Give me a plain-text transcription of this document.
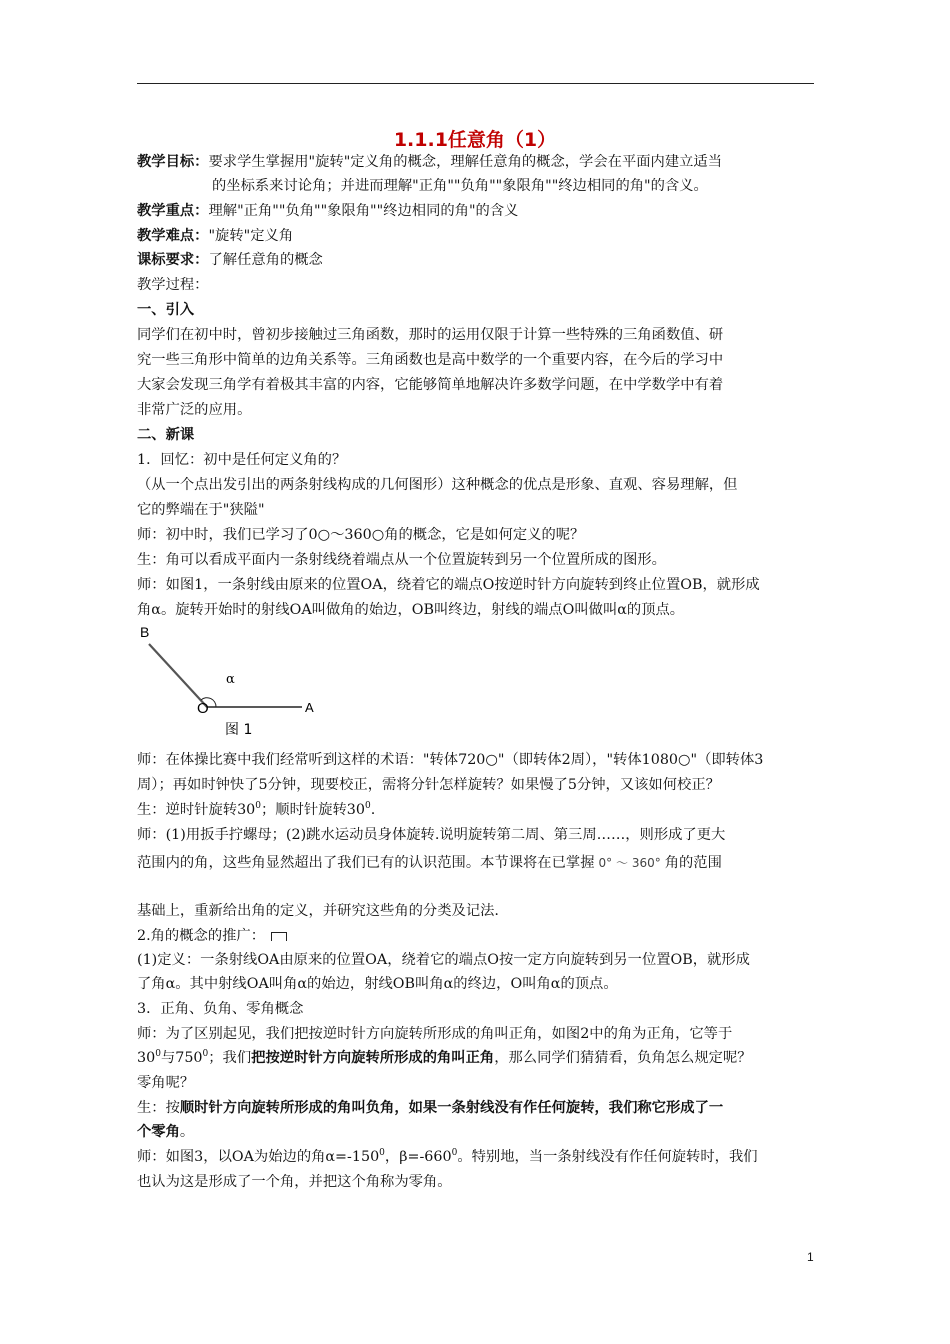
1.1.1任意角（1）
教学目标：要求学生掌握用"旋转"定义角的概念，理解任意角的概念，学会在平面内建立适当
的坐标系来讨论角；并进而理解"正角""负角""象限角""终边相同的角"的含义。
教学重点：理解"正角""负角""象限角""终边相同的角"的含义
教学难点："旋转"定义角
课标要求：了解任意角的概念
教学过程：
一、引入
同学们在初中时，曾初步接触过三角函数，那时的运用仅限于计算一些特殊的三角函数值、研
究一些三角形中简单的边角关系等。三角函数也是高中数学的一个重要内容，在今后的学习中
大家会发现三角学有着极其丰富的内容，它能够简单地解决许多数学问题，在中学数学中有着
非常广泛的应用。
二、新课
1．回忆：初中是任何定义角的？
（从一个点出发引出的两条射线构成的几何图形）这种概念的优点是形象、直观、容易理解，但
它的弊端在于"狭隘"
师：初中时，我们已学习了0○～360○角的概念，它是如何定义的呢？
生：角可以看成平面内一条射线绕着端点从一个位置旋转到另一个位置所成的图形。
师：如图1，一条射线由原来的位置OA，绕着它的端点O按逆时针方向旋转到终止位置OB，就形成
角α。旋转开始时的射线OA叫做角的始边，OB叫终边，射线的端点O叫做叫α的顶点。
B
O	A
α
图 1
师：在体操比赛中我们经常听到这样的术语："转体720○"（即转体2周），"转体1080○"（即转体3
周）；再如时钟快了5分钟，现要校正，需将分针怎样旋转？如果慢了5分钟，又该如何校正？
生：逆时针旋转$30^0$；顺时针旋转$30^0$.
师：(1)用扳手拧螺母；(2)跳水运动员身体旋转.说明旋转第二周、第三周……，则形成了更大
范围内的角，这些角显然超出了我们已有的认识范围。本节课将在已掌握 0° ～ 360° 角的范围
基础上，重新给出角的定义，并研究这些角的分类及记法.
2.角的概念的推广：
(1)定义：一条射线OA由原来的位置OA，绕着它的端点O按一定方向旋转到另一位置OB，就形成
了角α。其中射线OA叫角α的始边，射线OB叫角α的终边，O叫角α的顶点。
3．正角、负角、零角概念
师：为了区别起见，我们把按逆时针方向旋转所形成的角叫正角，如图2中的角为正角，它等于
$30^0$与$750^0$；我们把按逆时针方向旋转所形成的角叫正角，那么同学们猜猜看，负角怎么规定呢？
零角呢？
生：按顺时针方向旋转所形成的角叫负角，如果一条射线没有作任何旋转，我们称它形成了一
个零角。
师：如图3，以OA为始边的角$\alpha=-150^0$，$\beta=-660^0$。特别地，当一条射线没有作任何旋转时，我们
也认为这是形成了一个角，并把这个角称为零角。
1
